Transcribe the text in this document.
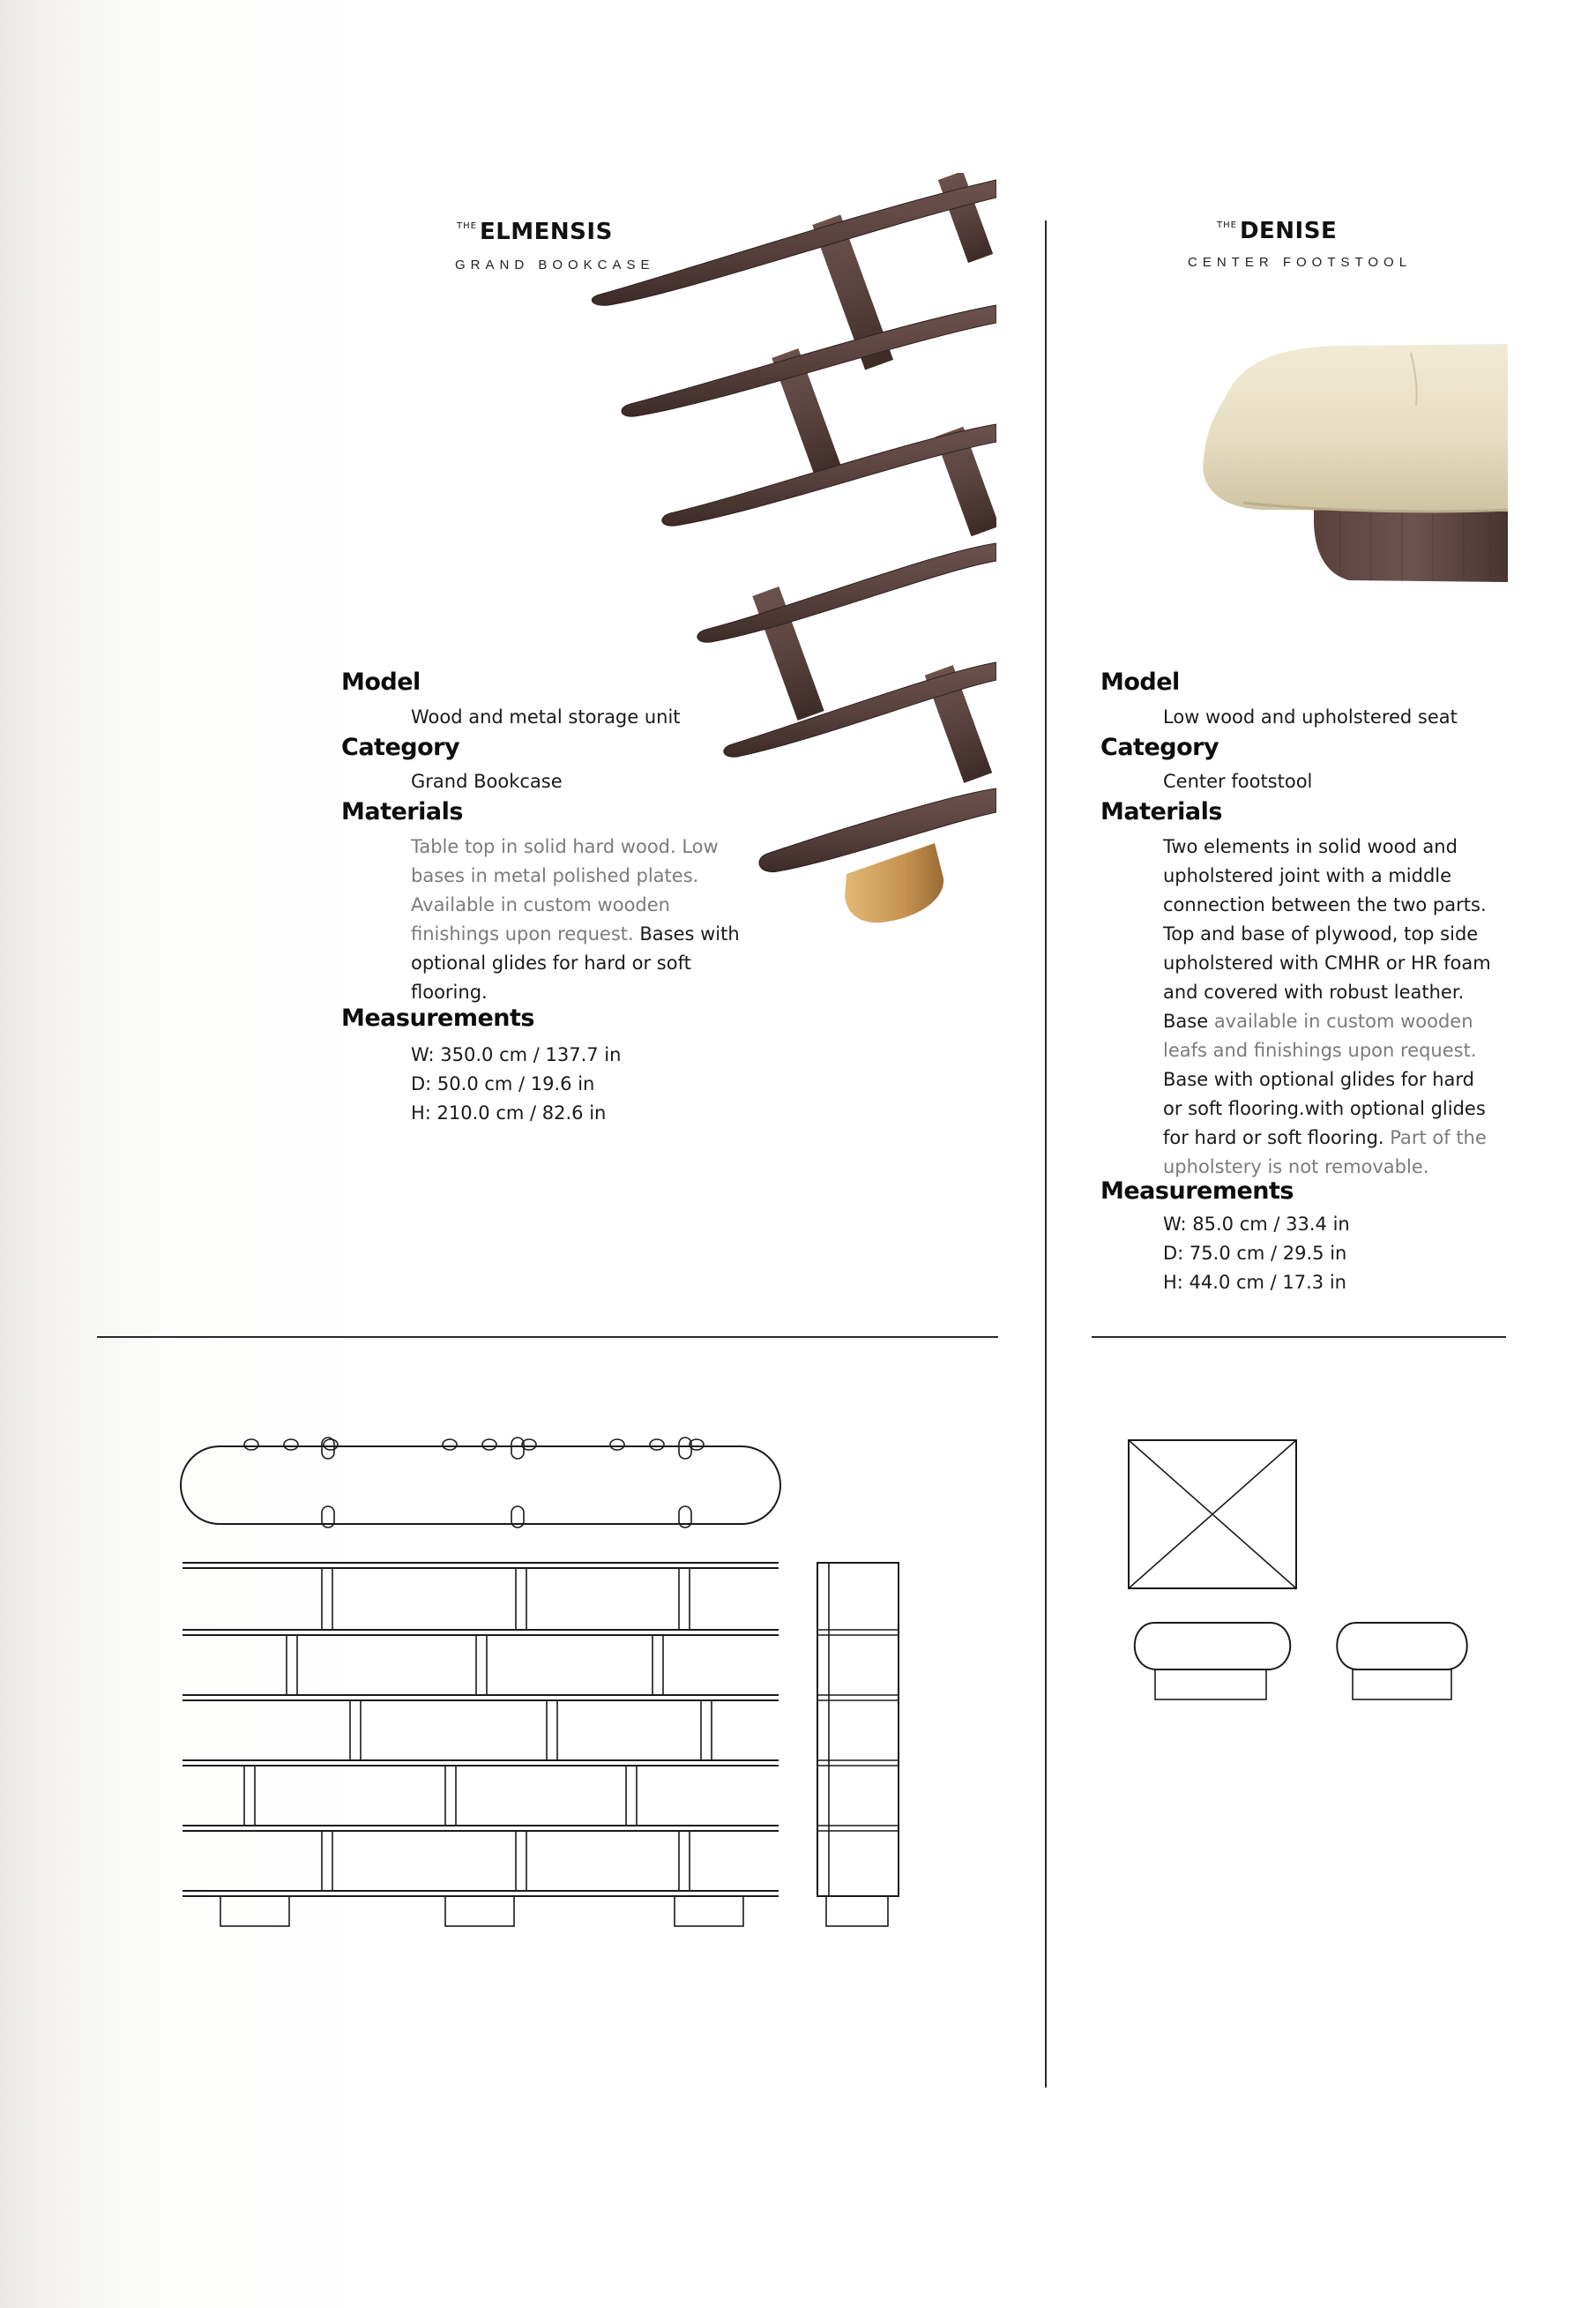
$^{THE}$ ELMENSIS
GRAND BOOKCASE
Model
Wood and metal storage unit
Category
Grand Bookcase
Materials
Table top in solid hard wood. Low
bases in metal polished plates.
Available in custom wooden
finishings upon request. Bases with
optional glides for hard or soft
flooring.
Measurements
W: 350.0 cm / 137.7 in
D: 50.0 cm / 19.6 in
H: 210.0 cm / 82.6 in
$^{THE}$ DENISE
CENTER FOOTSTOOL
Model
Low wood and upholstered seat
Category
Center footstool
Materials
Two elements in solid wood and
upholstered joint with a middle
connection between the two parts.
Top and base of plywood, top side
upholstered with CMHR or HR foam
and covered with robust leather.
Base available in custom wooden
leafs and finishings upon request.
Base with optional glides for hard
or soft flooring.with optional glides
for hard or soft flooring. Part of the
upholstery is not removable.
Measurements
W: 85.0 cm / 33.4 in
D: 75.0 cm / 29.5 in
H: 44.0 cm / 17.3 in
